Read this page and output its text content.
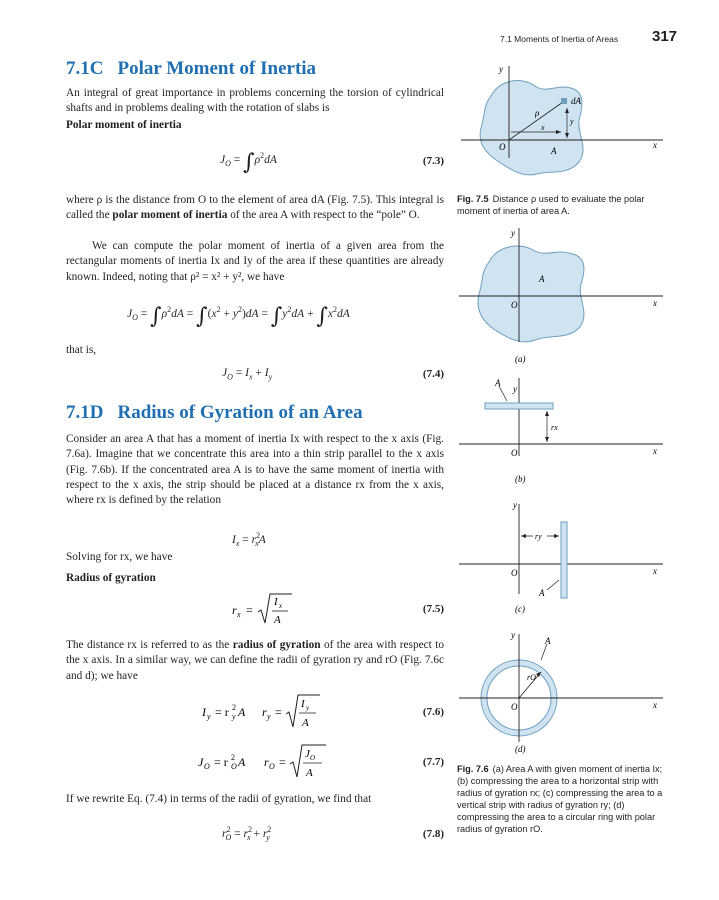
7.1 Moments of Inertia of Areas 317
7.1C Polar Moment of Inertia
An integral of great importance in problems concerning the torsion of cylindrical shafts and in problems dealing with the rotation of slabs is
Polar moment of inertia
$J_O = \int\rho^2dA$	(7.3)
where ρ is the distance from O to the element of area dA (Fig. 7.5). This integral is called the polar moment of inertia of the area A with respect to the “pole” O.
We can compute the polar moment of inertia of a given area from the rectangular moments of inertia Ix and Iy of the area if these quantities are already known. Indeed, noting that ρ² = x² + y², we have
$J_O = \int\rho^2dA = \int(x^2 + y^2)dA = \int y^2dA + \int x^2dA$
that is,
$J_O = I_x + I_y$	(7.4)
7.1D Radius of Gyration of an Area
Consider an area A that has a moment of inertia Ix with respect to the x axis (Fig. 7.6a). Imagine that we concentrate this area into a thin strip parallel to the x axis (Fig. 7.6b). If the concentrated area A is to have the same moment of inertia with respect to the x axis, the strip should be placed at a distance rx from the x axis, where rx is defined by the relation
$I_x = r^2_xA$
Solving for rx, we have
Radius of gyration
r x =
I x
A
(7.5)
The distance rx is referred to as the radius of gyration of the area with respect to the x axis. In a similar way, we can define the radii of gyration ry and rO (Fig. 7.6c and d); we have
I y = r 2
y A r y =
I y
A
(7.6)
J O = r 2
O A r O =
J O
A
(7.7)
If we rewrite Eq. (7.4) in terms of the radii of gyration, we find that
$r^2_O = r^2_x + r^2_y$	(7.8)
y
x
O	A
dA
ρ
x
y
Fig. 7.5 Distance ρ used to evaluate the polar moment of inertia of area A.
y
x
O
A
(a)
A
y
rx
x
O
(b)
ry
A
y
x
O
(c)
A
rO
y
x
O
(d)
Fig. 7.6 (a) Area A with given moment of inertia Ix; (b) compressing the area to a horizontal strip with radius of gyration rx; (c) compressing the area to a vertical strip with radius of gyration ry; (d) compressing the area to a circular ring with polar radius of gyration rO.
